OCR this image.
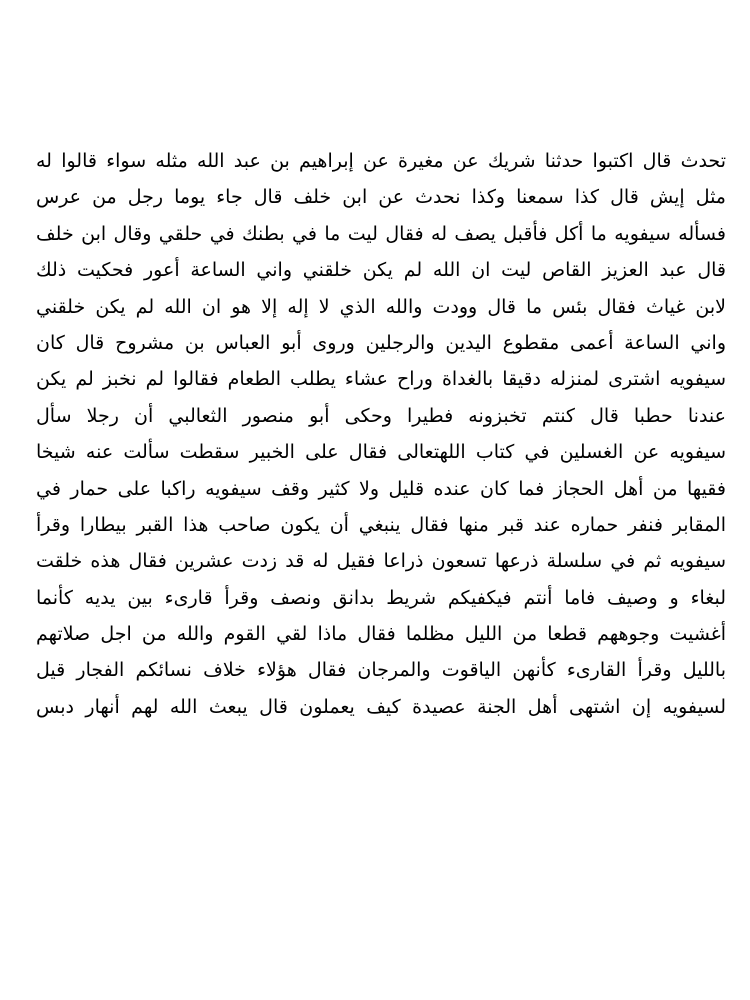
تحدث قال اكتبوا حدثنا شريك عن مغيرة عن إبراهيم بن عبد الله مثله سواء قالوا له
مثل إيش قال كذا سمعنا وكذا نحدث عن ابن خلف قال جاء يوما رجل من عرس
فسأله سيفويه ما أكل فأقبل يصف له فقال ليت ما في بطنك في حلقي وقال ابن خلف
قال عبد العزيز القاص ليت ان الله لم يكن خلقني واني الساعة أعور فحكيت ذلك
لابن غياث فقال بئس ما قال وودت والله الذي لا إله إلا هو ان الله لم يكن خلقني
واني الساعة أعمى مقطوع اليدين والرجلين وروى أبو العباس بن مشروح قال كان
سيفويه اشترى لمنزله دقيقا بالغداة وراح عشاء يطلب الطعام فقالوا لم نخبز لم يكن
عندنا حطبا قال كنتم تخبزونه فطيرا وحكى أبو منصور الثعالبي أن رجلا سأل
سيفويه عن الغسلين في كتاب اللهتعالى فقال على الخبير سقطت سألت عنه شيخا
فقيها من أهل الحجاز فما كان عنده قليل ولا كثير وقف سيفويه راكبا على حمار في
المقابر فنفر حماره عند قبر منها فقال ينبغي أن يكون صاحب هذا القبر بيطارا وقرأ
سيفويه ثم في سلسلة ذرعها تسعون ذراعا فقيل له قد زدت عشرين فقال هذه خلقت
لبغاء و وصيف فاما أنتم فيكفيكم شريط بدانق ونصف وقرأ قارىء بين يديه كأنما
أغشيت وجوههم قطعا من الليل مظلما فقال ماذا لقي القوم والله من اجل صلاتهم
بالليل وقرأ القارىء كأنهن الياقوت والمرجان فقال هؤلاء خلاف نسائكم الفجار قيل
لسيفويه إن اشتهى أهل الجنة عصيدة كيف يعملون قال يبعث الله لهم أنهار دبس
